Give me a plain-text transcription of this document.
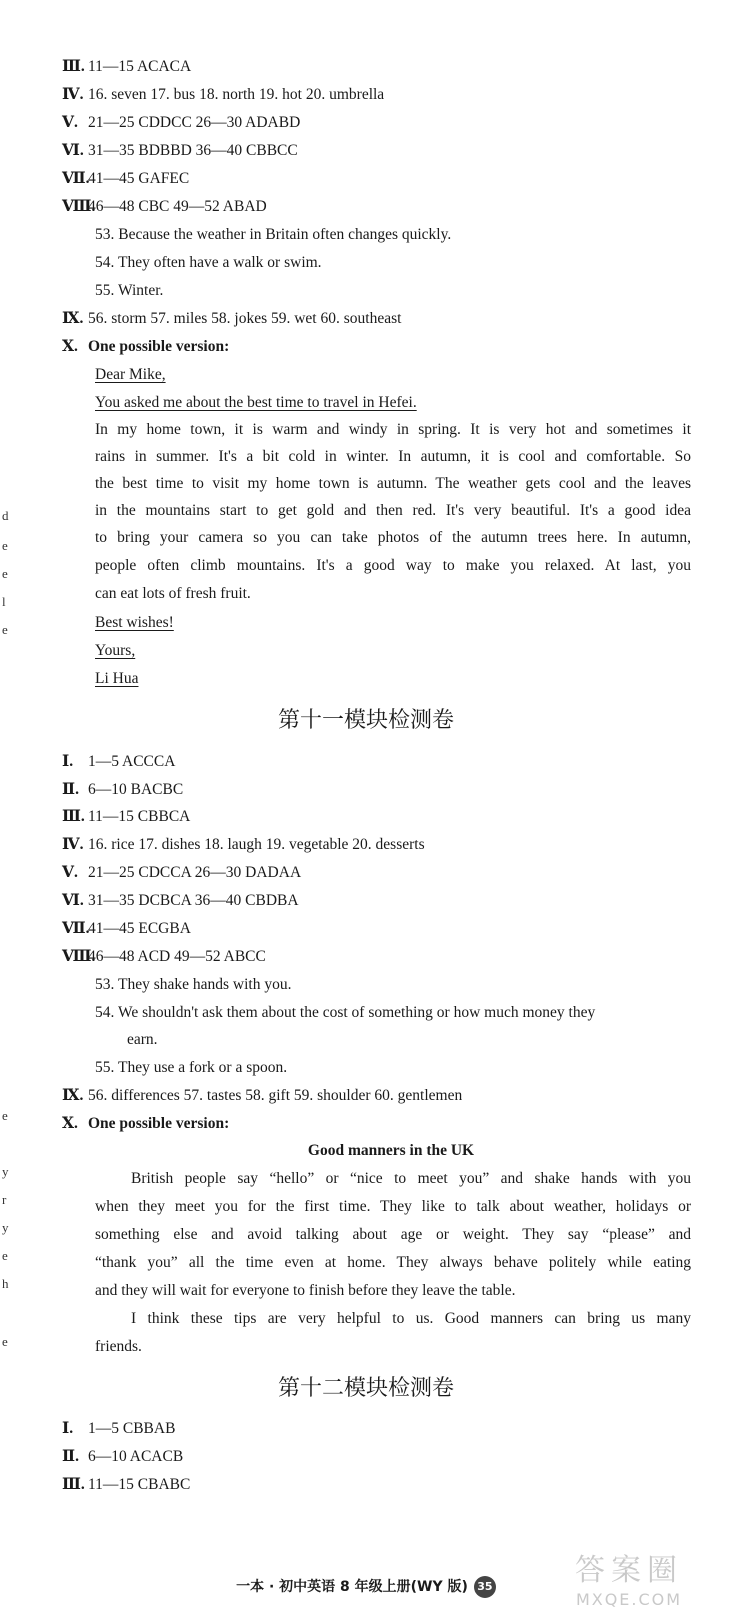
d
e
e
l
e
e
y
r
y
e
h
e
Ⅲ. 11—15 ACACA
Ⅳ. 16. seven 17. bus 18. north 19. hot 20. umbrella
Ⅴ. 21—25 CDDCC 26—30 ADABD
Ⅵ. 31—35 BDBBD 36—40 CBBCC
Ⅶ.41—45 GAFEC
Ⅷ.46—48 CBC 49—52 ABAD
53. Because the weather in Britain often changes quickly.
54. They often have a walk or swim.
55. Winter.
Ⅸ. 56. storm 57. miles 58. jokes 59. wet 60. southeast
Ⅹ. One possible version:
Dear Mike,
You asked me about the best time to travel in Hefei.
In my home town, it is warm and windy in spring. It is very hot and sometimes it
rains in summer. It's a bit cold in winter. In autumn, it is cool and comfortable. So
the best time to visit my home town is autumn. The weather gets cool and the leaves
in the mountains start to get gold and then red. It's very beautiful. It's a good idea
to bring your camera so you can take photos of the autumn trees here. In autumn,
people often climb mountains. It's a good way to make you relaxed. At last, you
can eat lots of fresh fruit.
Best wishes!
Yours,
Li Hua
第十一模块检测卷
Ⅰ. 1—5 ACCCA
Ⅱ. 6—10 BACBC
Ⅲ. 11—15 CBBCA
Ⅳ. 16. rice 17. dishes 18. laugh 19. vegetable 20. desserts
Ⅴ. 21—25 CDCCA 26—30 DADAA
Ⅵ. 31—35 DCBCA 36—40 CBDBA
Ⅶ.41—45 ECGBA
Ⅷ.46—48 ACD 49—52 ABCC
53. They shake hands with you.
54. We shouldn't ask them about the cost of something or how much money they
earn.
55. They use a fork or a spoon.
Ⅸ. 56. differences 57. tastes 58. gift 59. shoulder 60. gentlemen
Ⅹ. One possible version:
Good manners in the UK
British people say “hello” or “nice to meet you” and shake hands with you
when they meet you for the first time. They like to talk about weather, holidays or
something else and avoid talking about age or weight. They say “please” and
“thank you” all the time even at home. They always behave politely while eating
and they will wait for everyone to finish before they leave the table.
I think these tips are very helpful to us. Good manners can bring us many
friends.
第十二模块检测卷
Ⅰ. 1—5 CBBAB
Ⅱ. 6—10 ACACB
Ⅲ. 11—15 CBABC
答案圈
MXQE.COM
一本 · 初中英语 8 年级上册(WY 版) 35
